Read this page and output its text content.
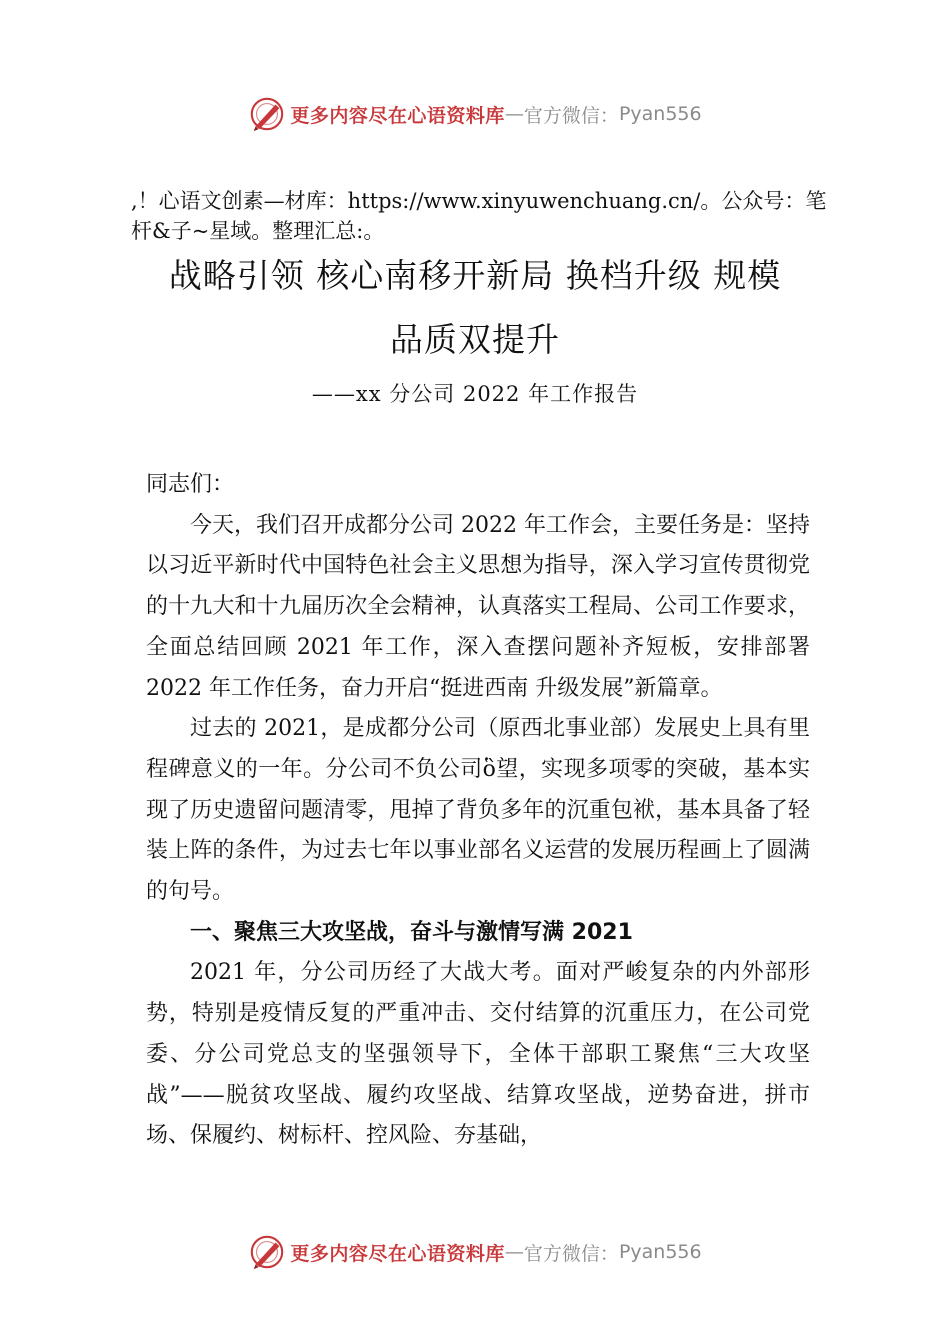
更多内容尽在心语资料库 — 官方微信： Pyan556
,！心语文创素—材库：https://www.xinyuwenchuang.cn/。公众号：笔杆&子~星域。整理汇总:。
战略引领 核心南移开新局 换档升级 规模
品质双提升
——xx 分公司 2022 年工作报告

同志们：

今天，我们召开成都分公司 2022 年工作会，主要任务是：坚持以习近平新时代中国特色社会主义思想为指导，深入学习宣传贯彻党的十九大和十九届历次全会精神，认真落实工程局、公司工作要求，全面总结回顾 2021 年工作，深入查摆问题补齐短板，安排部署 2022 年工作任务，奋力开启“挺进西南 升级发展”新篇章。

过去的 2021，是成都分公司（原西北事业部）发展史上具有里程碑意义的一年。分公司不负公司ὃ望，实现多项零的突破，基本实现了历史遗留问题清零，甩掉了背负多年的沉重包袱，基本具备了轻装上阵的条件，为过去七年以事业部名义运营的发展历程画上了圆满的句号。

一、聚焦三大攻坚战，奋斗与激情写满 2021

2021 年，分公司历经了大战大考。面对严峻复杂的内外部形势，特别是疫情反复的严重冲击、交付结算的沉重压力，在公司党委、分公司党总支的坚强领导下，全体干部职工聚焦“三大攻坚战”——脱贫攻坚战、履约攻坚战、结算攻坚战，逆势奋进，拼市场、保履约、树标杆、控风险、夯基础，

更多内容尽在心语资料库 — 官方微信： Pyan556
